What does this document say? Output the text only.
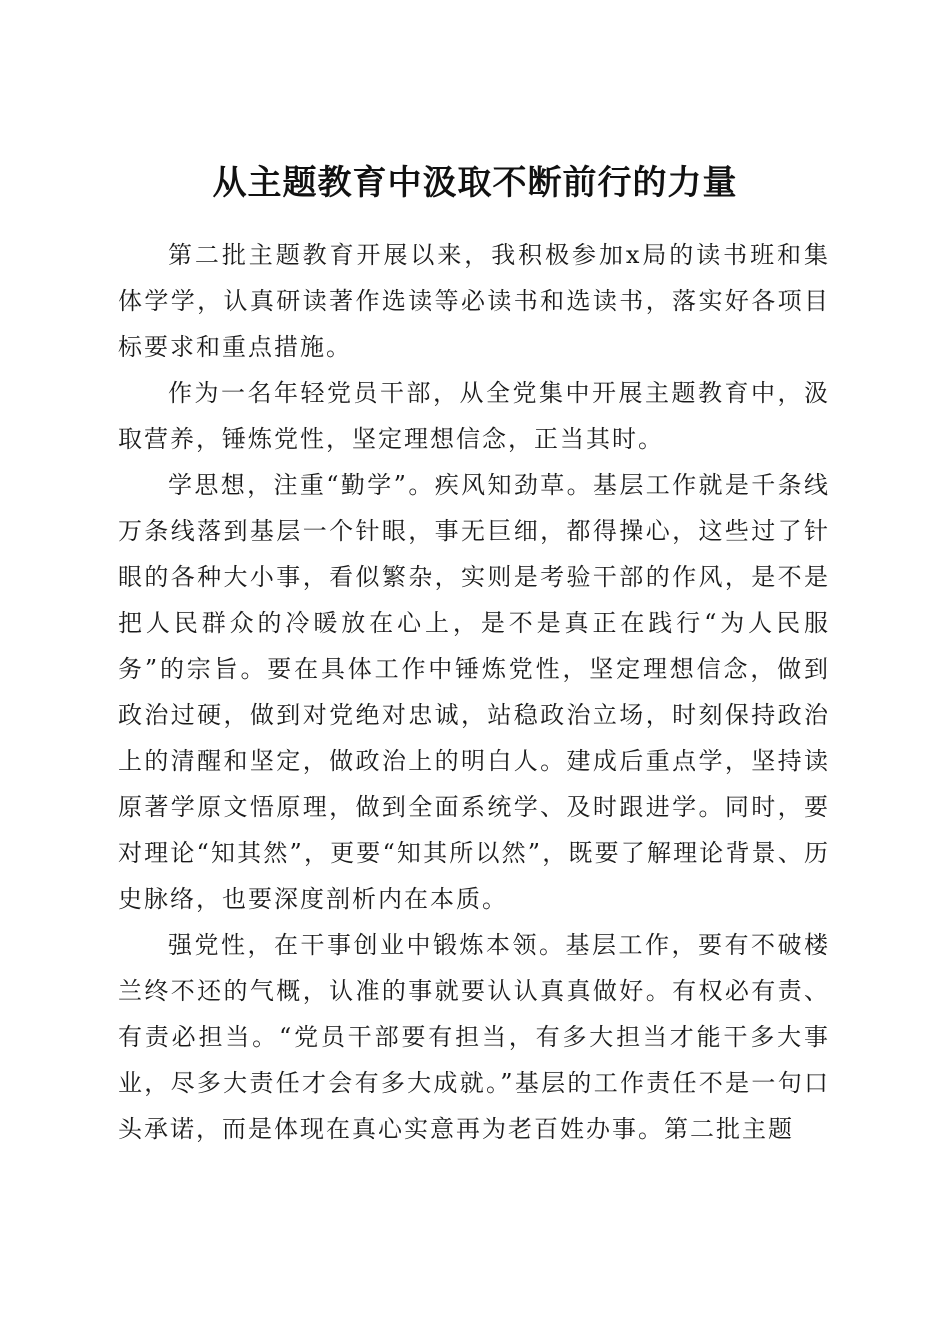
从主题教育中汲取不断前行的力量

第二批主题教育开展以来，我积极参加x局的读书班和集体学学，认真研读著作选读等必读书和选读书，落实好各项目标要求和重点措施。

作为一名年轻党员干部，从全党集中开展主题教育中，汲取营养，锤炼党性，坚定理想信念，正当其时。

学思想，注重“勤学”。疾风知劲草。基层工作就是千条线万条线落到基层一个针眼，事无巨细，都得操心，这些过了针眼的各种大小事，看似繁杂，实则是考验干部的作风，是不是把人民群众的冷暖放在心上，是不是真正在践行“为人民服务”的宗旨。要在具体工作中锤炼党性，坚定理想信念，做到政治过硬，做到对党绝对忠诚，站稳政治立场，时刻保持政治上的清醒和坚定，做政治上的明白人。建成后重点学，坚持读原著学原文悟原理，做到全面系统学、及时跟进学。同时，要对理论“知其然”，更要“知其所以然”，既要了解理论背景、历史脉络，也要深度剖析内在本质。

强党性，在干事创业中锻炼本领。基层工作，要有不破楼兰终不还的气概，认准的事就要认认真真做好。有权必有责、有责必担当。“党员干部要有担当，有多大担当才能干多大事业，尽多大责任才会有多大成就。”基层的工作责任不是一句口头承诺，而是体现在真心实意再为老百姓办事。第二批主题
